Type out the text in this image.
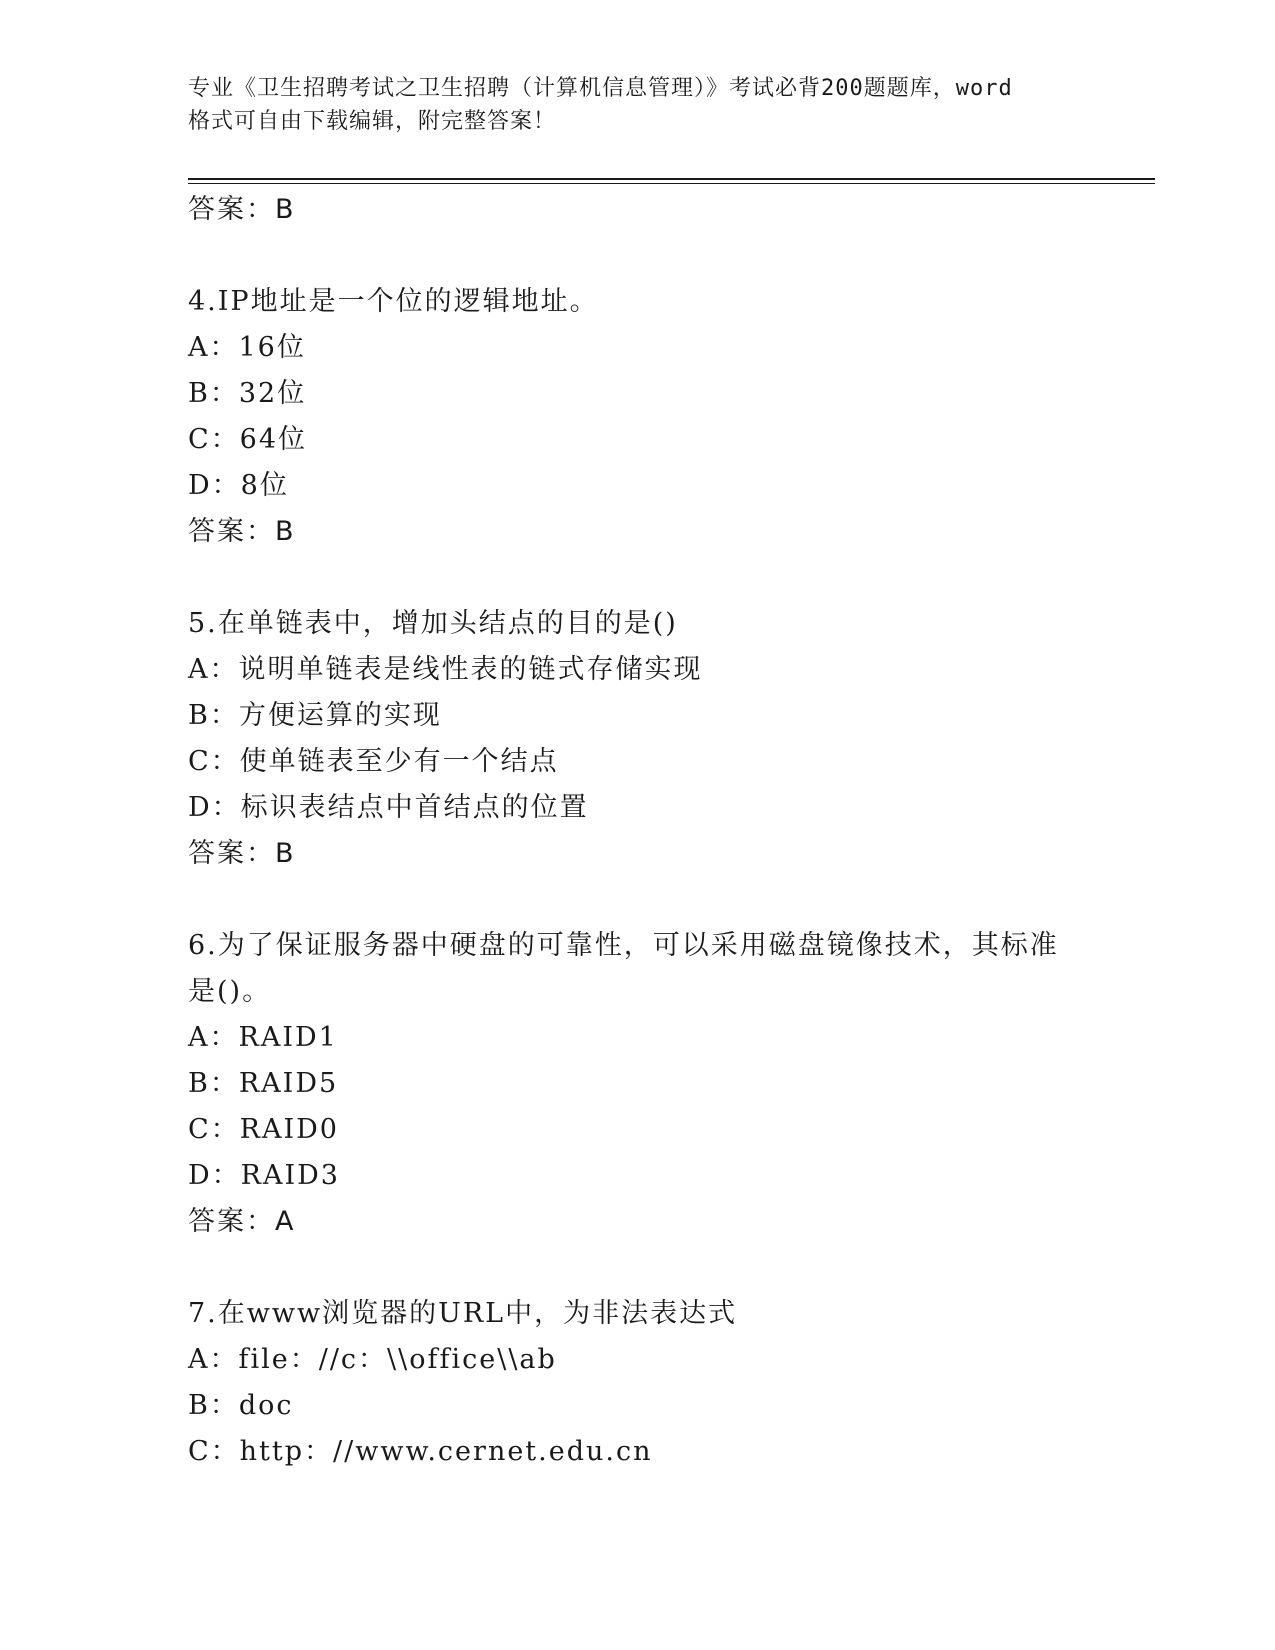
专业《卫生招聘考试之卫生招聘（计算机信息管理）》考试必背200题题库，word
格式可自由下载编辑，附完整答案！
答案：B
4.IP地址是一个位的逻辑地址。
A：16位
B：32位
C：64位
D：8位
答案：B
5.在单链表中，增加头结点的目的是()
A：说明单链表是线性表的链式存储实现
B：方便运算的实现
C：使单链表至少有一个结点
D：标识表结点中首结点的位置
答案：B
6.为了保证服务器中硬盘的可靠性，可以采用磁盘镜像技术，其标准
是()。
A：RAID1
B：RAID5
C：RAID0
D：RAID3
答案：A
7.在www浏览器的URL中，为非法表达式
A：file：//c：\\office\\ab
B：doc
C：http：//www.cernet.edu.cn
